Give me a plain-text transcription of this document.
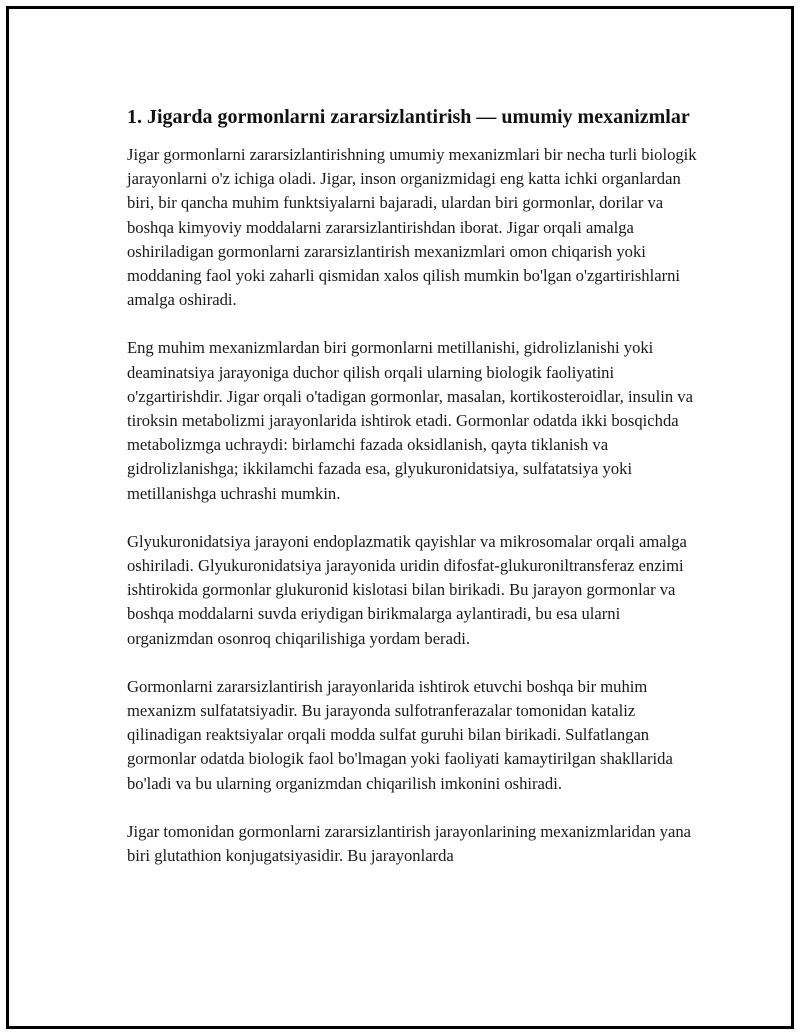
1. Jigarda gormonlarni zararsizlantirish — umumiy mexanizmlar

Jigar gormonlarni zararsizlantirishning umumiy mexanizmlari bir necha turli biologik jarayonlarni o'z ichiga oladi. Jigar, inson organizmidagi eng katta ichki organlardan biri, bir qancha muhim funktsiyalarni bajaradi, ulardan biri gormonlar, dorilar va boshqa kimyoviy moddalarni zararsizlantirishdan iborat. Jigar orqali amalga oshiriladigan gormonlarni zararsizlantirish mexanizmlari omon chiqarish yoki moddaning faol yoki zaharli qismidan xalos qilish mumkin bo'lgan o'zgartirishlarni amalga oshiradi.

Eng muhim mexanizmlardan biri gormonlarni metillanishi, gidrolizlanishi yoki deaminatsiya jarayoniga duchor qilish orqali ularning biologik faoliyatini o'zgartirishdir. Jigar orqali o'tadigan gormonlar, masalan, kortikosteroidlar, insulin va tiroksin metabolizmi jarayonlarida ishtirok etadi. Gormonlar odatda ikki bosqichda metabolizmga uchraydi: birlamchi fazada oksidlanish, qayta tiklanish va gidrolizlanishga; ikkilamchi fazada esa, glyukuronidatsiya, sulfatatsiya yoki metillanishga uchrashi mumkin.

Glyukuronidatsiya jarayoni endoplazmatik qayishlar va mikrosomalar orqali amalga oshiriladi. Glyukuronidatsiya jarayonida uridin difosfat-glukuroniltransferaz enzimi ishtirokida gormonlar glukuronid kislotasi bilan birikadi. Bu jarayon gormonlar va boshqa moddalarni suvda eriydigan birikmalarga aylantiradi, bu esa ularni organizmdan osonroq chiqarilishiga yordam beradi.

Gormonlarni zararsizlantirish jarayonlarida ishtirok etuvchi boshqa bir muhim mexanizm sulfatatsiyadir. Bu jarayonda sulfotranferazalar tomonidan kataliz qilinadigan reaktsiyalar orqali modda sulfat guruhi bilan birikadi. Sulfatlangan gormonlar odatda biologik faol bo'lmagan yoki faoliyati kamaytirilgan shakllarida bo'ladi va bu ularning organizmdan chiqarilish imkonini oshiradi.

Jigar tomonidan gormonlarni zararsizlantirish jarayonlarining mexanizmlaridan yana biri glutathion konjugatsiyasidir. Bu jarayonlarda
